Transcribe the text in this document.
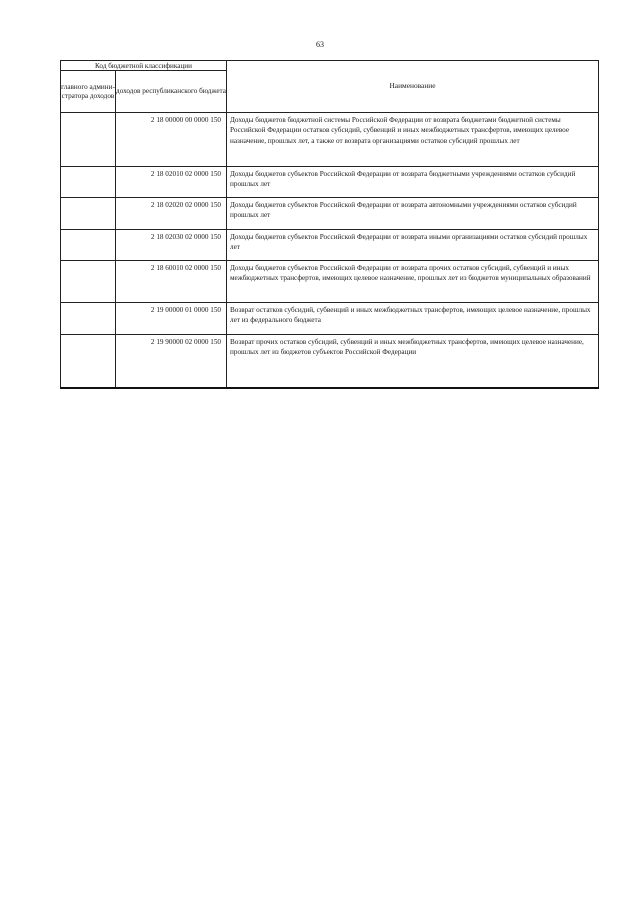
63
Код бюджетной классификации		Наименование
главного админи-стратора доходов	доходов республиканского бюджета	
	2 18 00000 00 0000 150	Доходы бюджетов бюджетной системы Российской Федерации от возврата бюджетами бюджетной системы Российской Федерации остатков субсидий, субвенций и иных межбюджетных трансфертов, имеющих целевое назначение, прошлых лет, а также от возврата организациями остатков субсидий прошлых лет
	2 18 02010 02 0000 150	Доходы бюджетов субъектов Российской Федерации от возврата бюджетными учреждениями остатков субсидий прошлых лет
	2 18 02020 02 0000 150	Доходы бюджетов субъектов Российской Федерации от возврата автономными учреждениями остатков субсидий прошлых лет
	2 18 02030 02 0000 150	Доходы бюджетов субъектов Российской Федерации от возврата иными организациями остатков субсидий прошлых лет
	2 18 60010 02 0000 150	Доходы бюджетов субъектов Российской Федерации от возврата прочих остатков субсидий, субвенций и иных межбюджетных трансфертов, имеющих целевое назначение, прошлых лет из бюджетов муниципальных образований
	2 19 00000 01 0000 150	Возврат остатков субсидий, субвенций и иных межбюджетных трансфертов, имеющих целевое назначение, прошлых лет из федерального бюджета
	2 19 90000 02 0000 150	Возврат прочих остатков субсидий, субвенций и иных межбюджетных трансфертов, имеющих целевое назначение, прошлых лет из бюджетов субъектов Российской Федерации
